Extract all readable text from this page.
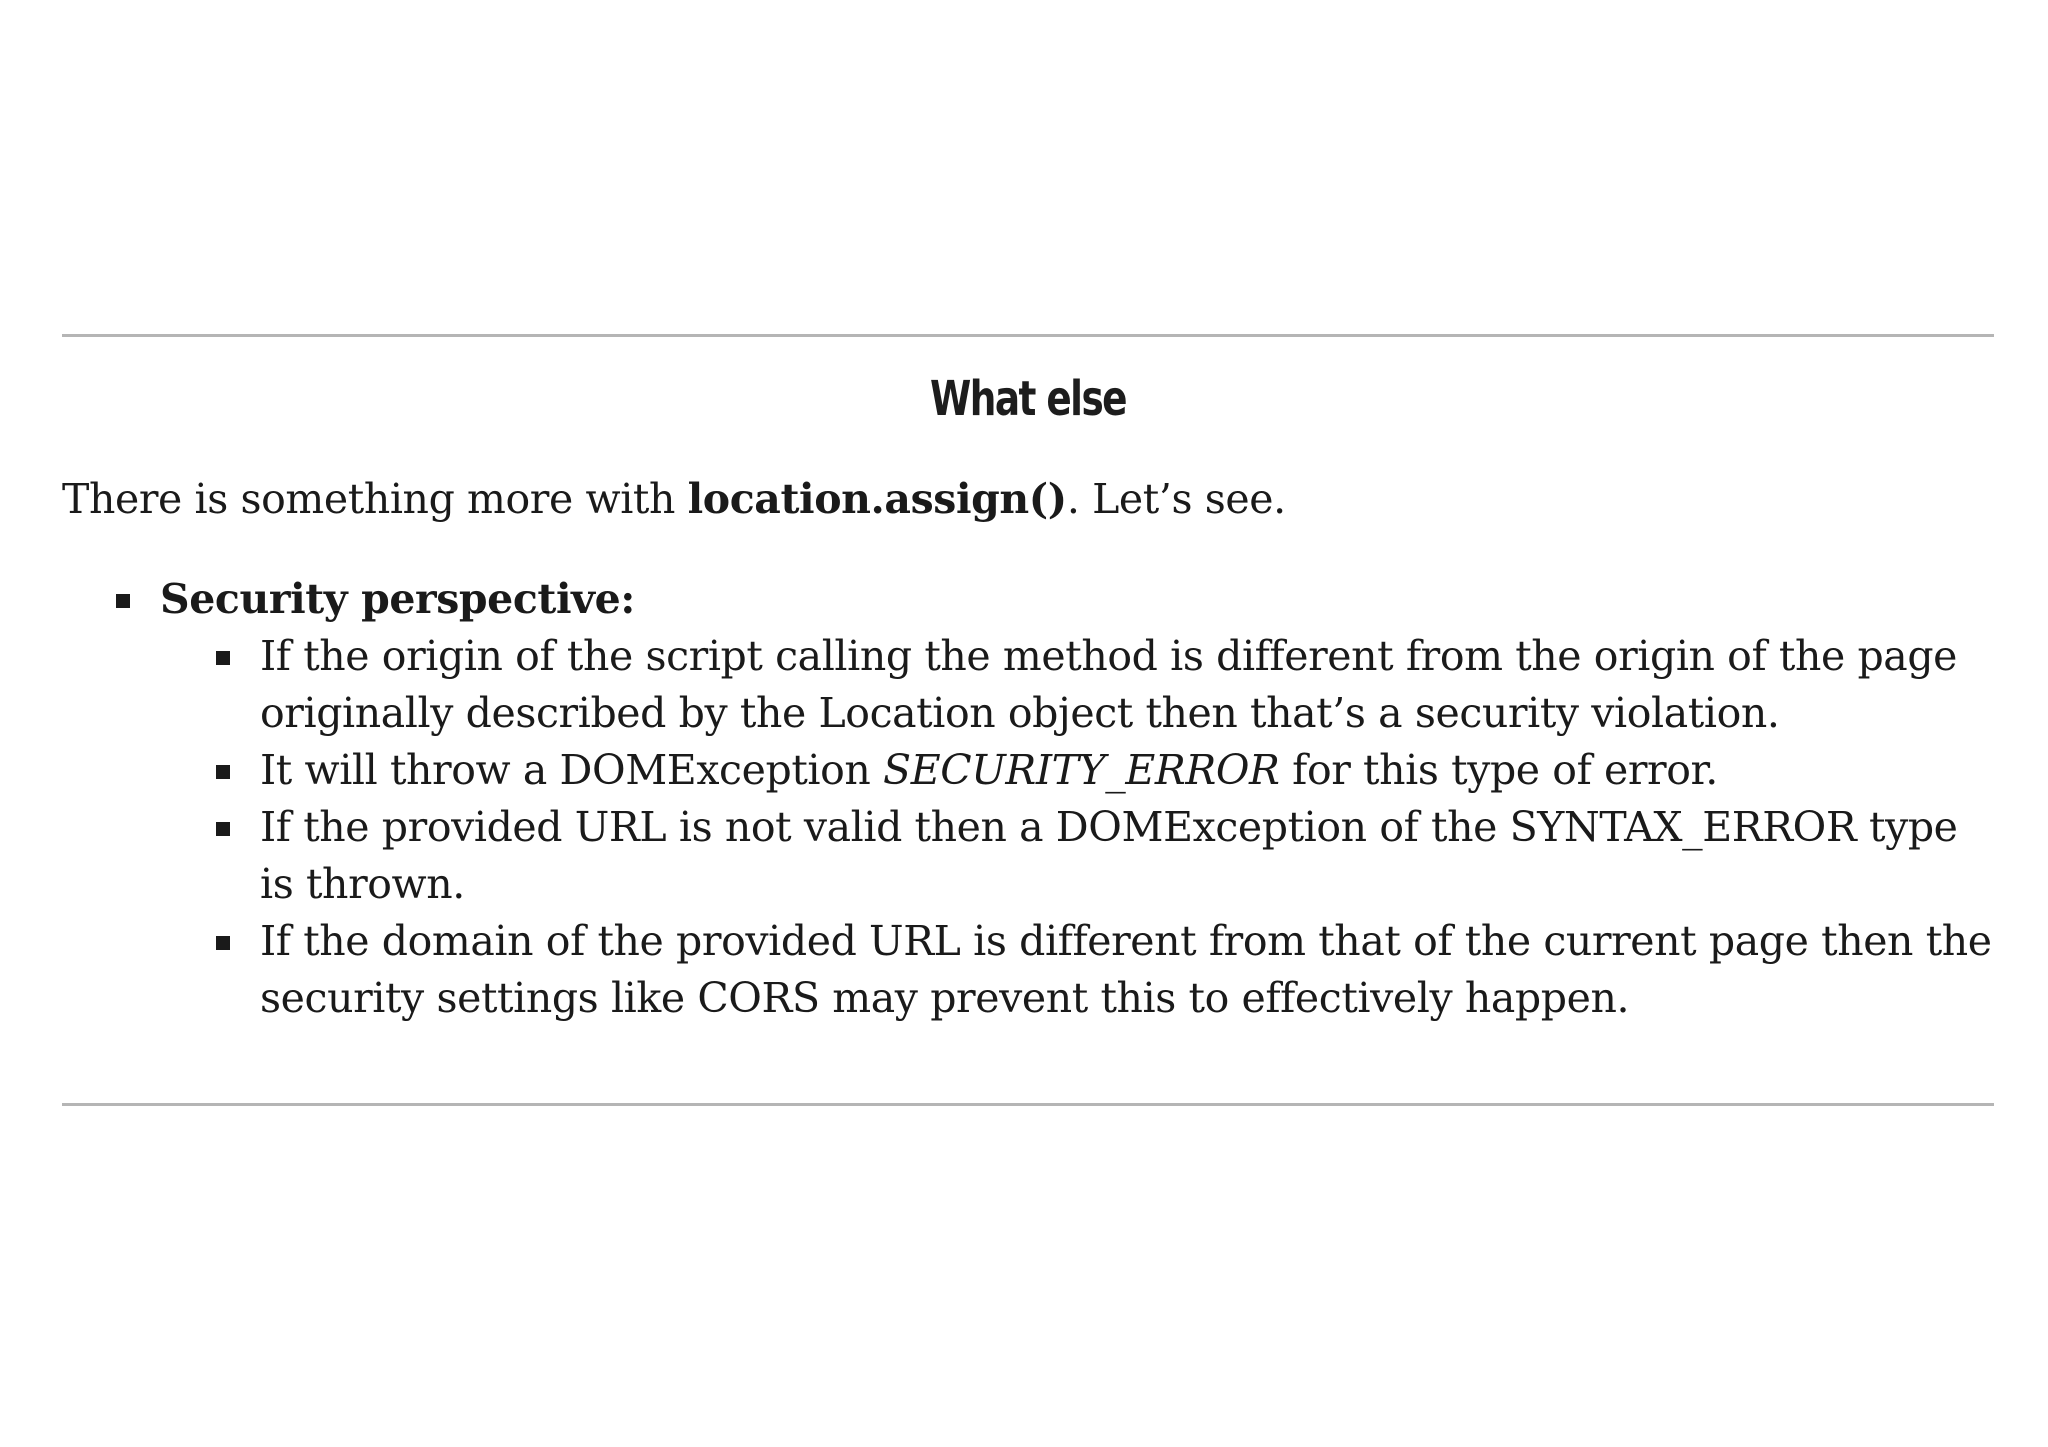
What else

There is something more with location.assign(). Let’s see.

Security perspective:
If the origin of the script calling the method is different from the origin of the page originally described by the Location object then that’s a security violation.
It will throw a DOMException SECURITY_ERROR for this type of error.
If the provided URL is not valid then a DOMException of the SYNTAX_ERROR type is thrown.
If the domain of the provided URL is different from that of the current page then the security settings like CORS may prevent this to effectively happen.
